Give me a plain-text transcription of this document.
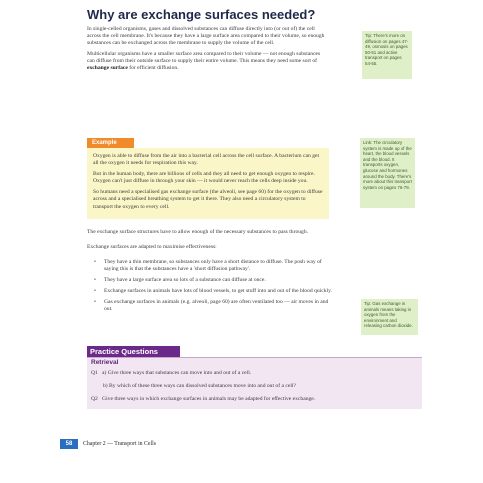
Why are exchange surfaces needed?

In single-celled organisms, gases and dissolved substances can diffuse directly into (or out of) the cell across the cell membrane. It's because they have a large surface area compared to their volume, so enough substances can be exchanged across the membrane to supply the volume of the cell.

Multicellular organisms have a smaller surface area compared to their volume — not enough substances can diffuse from their outside surface to supply their entire volume. This means they need some sort of exchange surface for efficient diffusion.

Tip: There's more on diffusion on pages 47-49, osmosis on pages 50-51 and active transport on pages 54-55.
Example

Oxygen is able to diffuse from the air into a bacterial cell across the cell surface. A bacterium can get all the oxygen it needs for respiration this way.

But in the human body, there are billions of cells and they all need to get enough oxygen to respire. Oxygen can't just diffuse in through your skin — it would never reach the cells deep inside you.

So humans need a specialised gas exchange surface (the alveoli, see page 60) for the oxygen to diffuse across and a specialised breathing system to get it there. They also need a circulatory system to transport the oxygen to every cell.

Link: The circulatory system is made up of the heart, the blood vessels and the blood. It transports oxygen, glucose and hormones around the body. There's more about this transport system on pages 76-79.

The exchange surface structures have to allow enough of the necessary substances to pass through.

Exchange surfaces are adapted to maximise effectiveness:

• They have a thin membrane, so substances only have a short distance to diffuse. The posh way of saying this is that the substances have a 'short diffusion pathway'.
• They have a large surface area so lots of a substance can diffuse at once.
• Exchange surfaces in animals have lots of blood vessels, to get stuff into and out of the blood quickly.
• Gas exchange surfaces in animals (e.g. alveoli, page 60) are often ventilated too — air moves in and out.
Tip: Gas exchange in animals means taking in oxygen from the environment and releasing carbon dioxide.
Practice Questions
Retrieval
Q1 a) Give three ways that substances can move into and out of a cell.
b) By which of these three ways can dissolved substances move into and out of a cell?
Q2 Give three ways in which exchange surfaces in animals may be adapted for effective exchange.
58	Chapter 2 — Transport in Cells
